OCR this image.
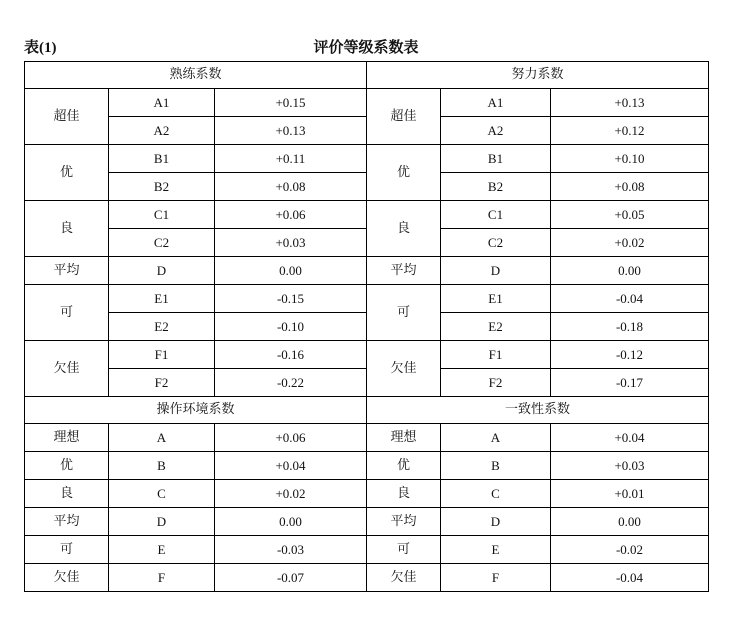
表(1)	评价等级系数表
熟练系数			努力系数		
超佳	A1	+0.15	超佳	A1	+0.13
	A2	+0.13		A2	+0.12
优	B1	+0.11	优	B1	+0.10
	B2	+0.08		B2	+0.08
良	C1	+0.06	良	C1	+0.05
	C2	+0.03		C2	+0.02
平均	D	0.00	平均	D	0.00
可	E1	-0.15	可	E1	-0.04
	E2	-0.10		E2	-0.18
欠佳	F1	-0.16	欠佳	F1	-0.12
	F2	-0.22		F2	-0.17
操作环境系数			一致性系数		
理想	A	+0.06	理想	A	+0.04
优	B	+0.04	优	B	+0.03
良	C	+0.02	良	C	+0.01
平均	D	0.00	平均	D	0.00
可	E	-0.03	可	E	-0.02
欠佳	F	-0.07	欠佳	F	-0.04
